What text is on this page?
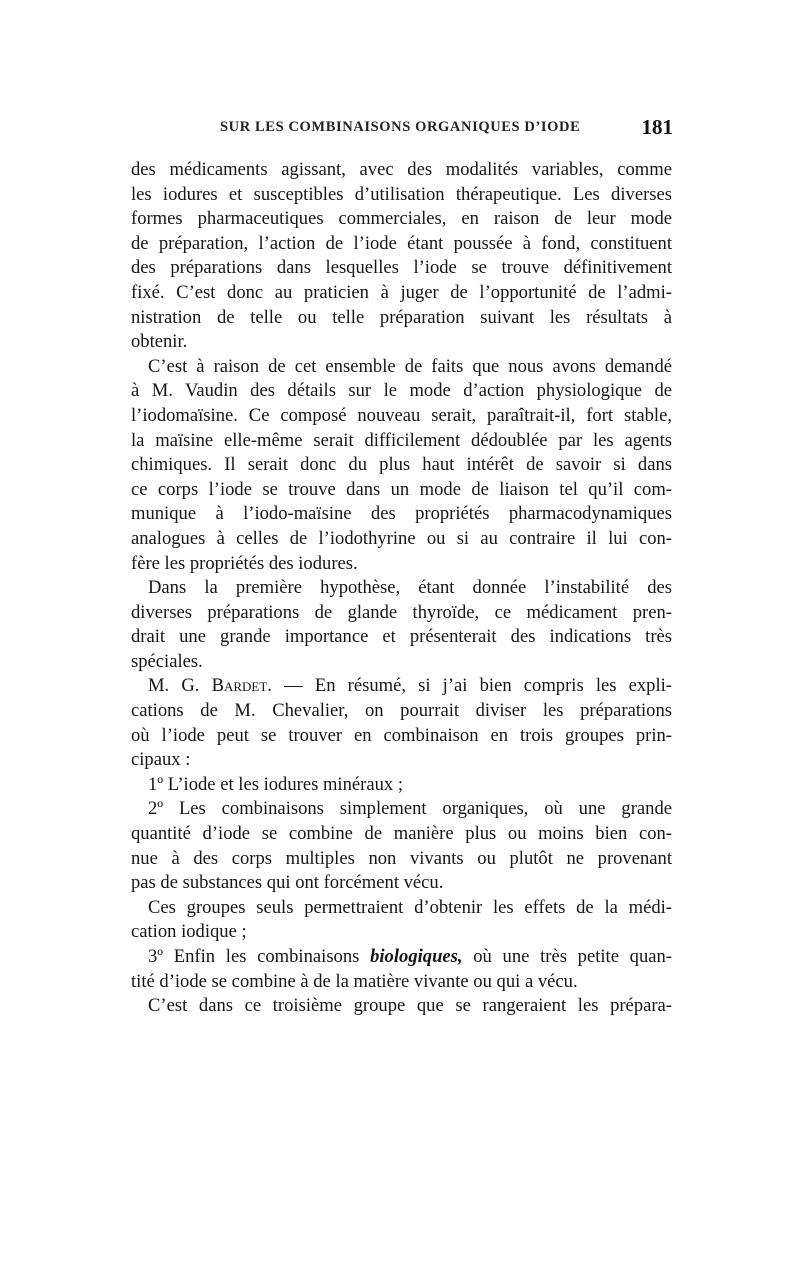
SUR LES COMBINAISONS ORGANIQUES D’IODE	181
des médicaments agissant, avec des modalités variables, comme
les iodures et susceptibles d’utilisation thérapeutique. Les diverses
formes pharmaceutiques commerciales, en raison de leur mode
de préparation, l’action de l’iode étant poussée à fond, constituent
des préparations dans lesquelles l’iode se trouve définitivement
fixé. C’est donc au praticien à juger de l’opportunité de l’admi-
nistration de telle ou telle préparation suivant les résultats à
obtenir.
C’est à raison de cet ensemble de faits que nous avons demandé
à M. Vaudin des détails sur le mode d’action physiologique de
l’iodomaïsine. Ce composé nouveau serait, paraîtrait-il, fort stable,
la maïsine elle-même serait difficilement dédoublée par les agents
chimiques. Il serait donc du plus haut intérêt de savoir si dans
ce corps l’iode se trouve dans un mode de liaison tel qu’il com-
munique à l’iodo-maïsine des propriétés pharmacodynamiques
analogues à celles de l’iodothyrine ou si au contraire il lui con-
fère les propriétés des iodures.
Dans la première hypothèse, étant donnée l’instabilité des
diverses préparations de glande thyroïde, ce médicament pren-
drait une grande importance et présenterait des indications très
spéciales.
M. G. Bardet. — En résumé, si j’ai bien compris les expli-
cations de M. Chevalier, on pourrait diviser les préparations
où l’iode peut se trouver en combinaison en trois groupes prin-
cipaux :
1º L’iode et les iodures minéraux ;
2º Les combinaisons simplement organiques, où une grande
quantité d’iode se combine de manière plus ou moins bien con-
nue à des corps multiples non vivants ou plutôt ne provenant
pas de substances qui ont forcément vécu.
Ces groupes seuls permettraient d’obtenir les effets de la médi-
cation iodique ;
3º Enfin les combinaisons biologiques, où une très petite quan-
tité d’iode se combine à de la matière vivante ou qui a vécu.
C’est dans ce troisième groupe que se rangeraient les prépara-
